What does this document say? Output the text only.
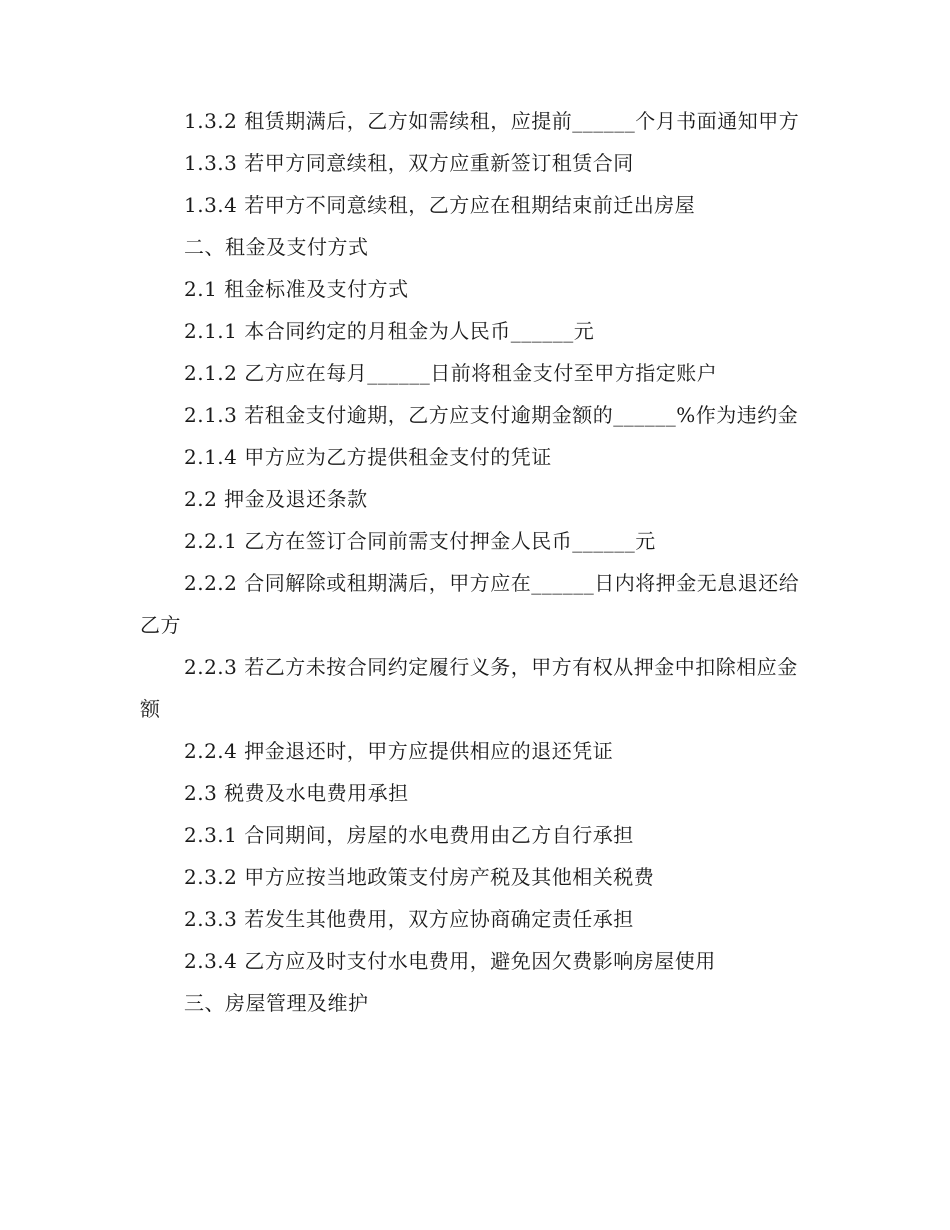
1.3.2 租赁期满后，乙方如需续租，应提前______个月书面通知甲方

1.3.3 若甲方同意续租，双方应重新签订租赁合同

1.3.4 若甲方不同意续租，乙方应在租期结束前迁出房屋

二、租金及支付方式

2.1 租金标准及支付方式

2.1.1 本合同约定的月租金为人民币______元

2.1.2 乙方应在每月______日前将租金支付至甲方指定账户

2.1.3 若租金支付逾期，乙方应支付逾期金额的______%作为违约金

2.1.4 甲方应为乙方提供租金支付的凭证

2.2 押金及退还条款

2.2.1 乙方在签订合同前需支付押金人民币______元

2.2.2 合同解除或租期满后，甲方应在______日内将押金无息退还给乙方

2.2.3 若乙方未按合同约定履行义务，甲方有权从押金中扣除相应金额

2.2.4 押金退还时，甲方应提供相应的退还凭证

2.3 税费及水电费用承担

2.3.1 合同期间，房屋的水电费用由乙方自行承担

2.3.2 甲方应按当地政策支付房产税及其他相关税费

2.3.3 若发生其他费用，双方应协商确定责任承担

2.3.4 乙方应及时支付水电费用，避免因欠费影响房屋使用

三、房屋管理及维护
